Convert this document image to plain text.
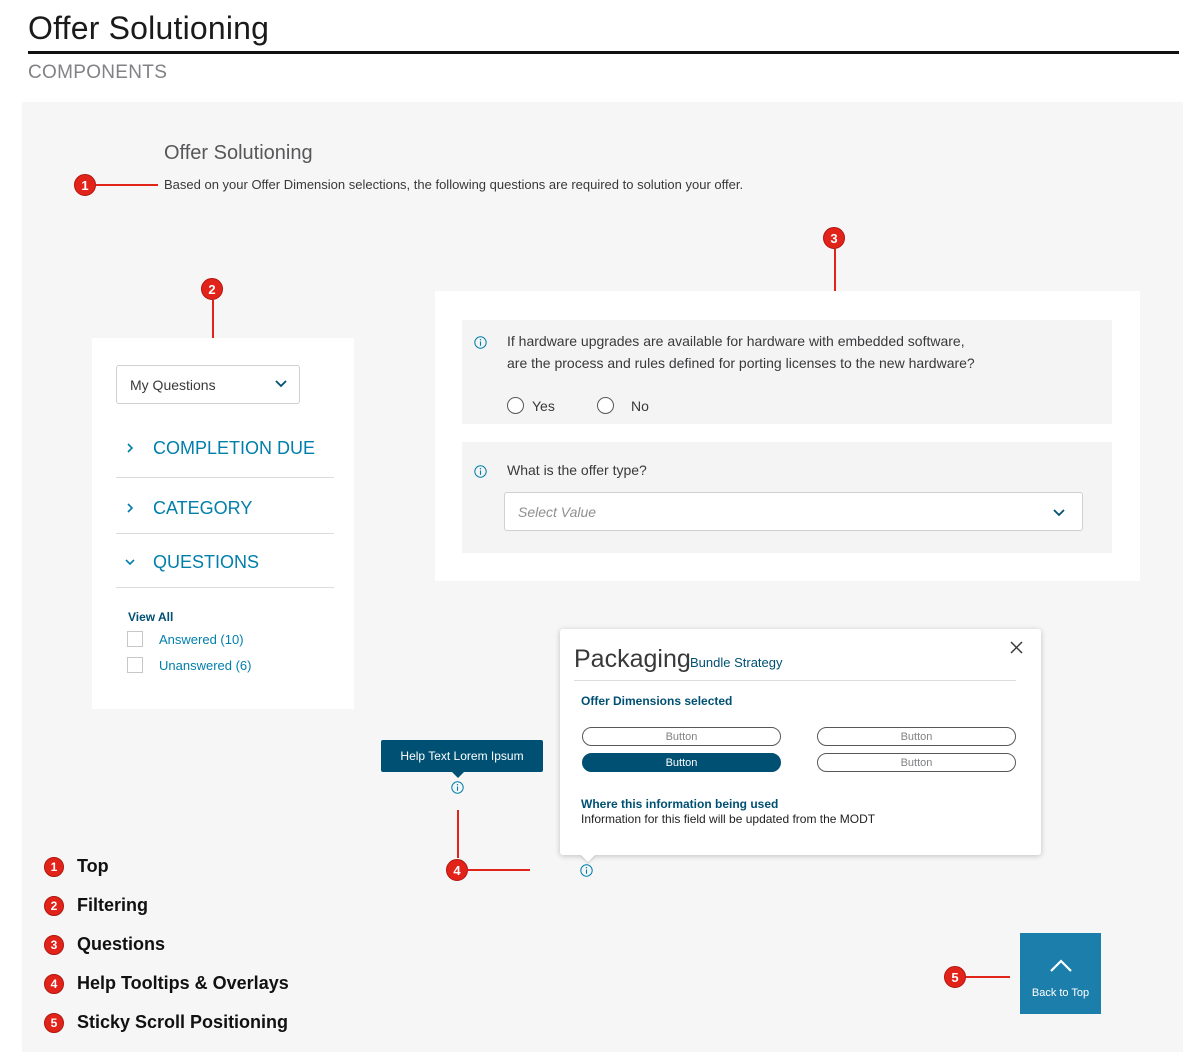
Offer Solutioning
COMPONENTS
Offer Solutioning
Based on your Offer Dimension selections, the following questions are required to solution your offer.
1
2
3
My Questions
COMPLETION DUE
CATEGORY
QUESTIONS
View All
Answered (10)
Unanswered (6)
If hardware upgrades are available for hardware with embedded software,
are the process and rules defined for porting licenses to the new hardware?
Yes	No
What is the offer type?
Select Value
Help Text Lorem Ipsum
Packaging Bundle Strategy
Offer Dimensions selected
Button	Button
Button	Button
Where this information being used
Information for this field will be updated from the MODT
4
1	Top
2	Filtering
3	Questions
4	Help Tooltips & Overlays
5	Sticky Scroll Positioning
5
Back to Top
